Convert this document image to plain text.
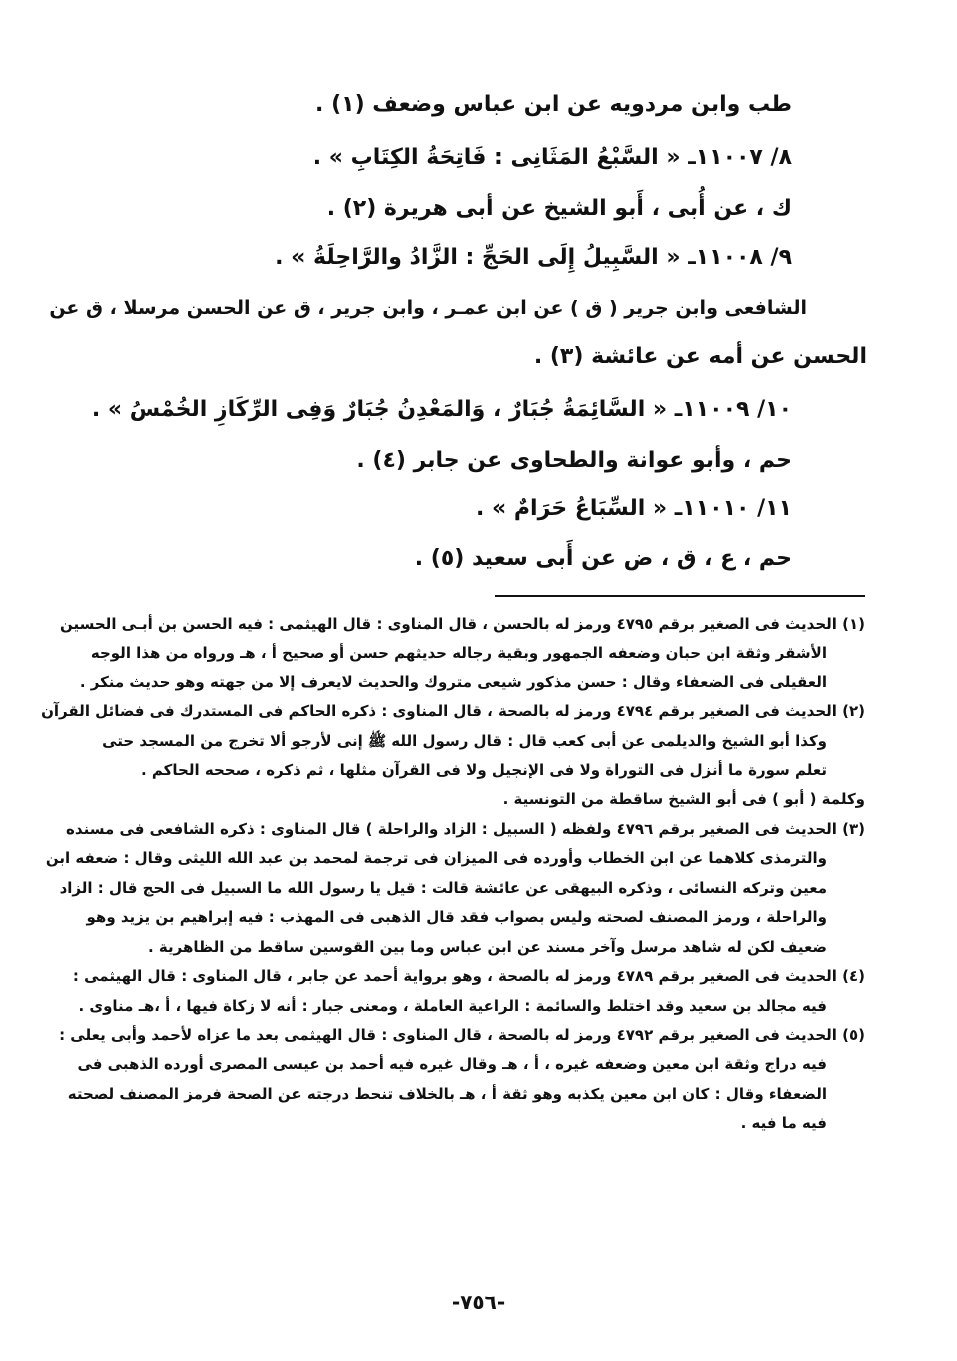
طب وابن مردويه عن ابن عباس وضعف (١) .
٨/ ١١٠٠٧ـ « السَّبْعُ المَثَانِى : فَاتِحَةُ الكِتَابِ » .
ك ، عن أُبى ، أَبو الشيخ عن أبى هريرة (٢) .
٩/ ١١٠٠٨ـ « السَّبِيلُ إِلَى الحَجِّ : الزَّادُ والرَّاحِلَةُ » .
الشافعى وابن جرير ( ق ) عن ابن عمـر ، وابن جرير ، ق عن الحسن مرسلا ، ق عن
الحسن عن أمه عن عائشة (٣) .
١٠/ ١١٠٠٩ـ « السَّائِمَةُ جُبَارٌ ، وَالمَعْدِنُ جُبَارٌ وَفِى الرِّكَازِ الخُمْسُ » .
حم ، وأبو عوانة والطحاوى عن جابر (٤) .
١١/ ١١٠١٠ـ « السِّبَاعُ حَرَامٌ » .
حم ، ع ، ق ، ض عن أَبى سعيد (٥) .
(١) الحديث فى الصغير برقم ٤٧٩٥ ورمز له بالحسن ، قال المناوى : قال الهيثمى : فيه الحسن بن أبـى الحسين
الأشقر وثقة ابن حبان وضعفه الجمهور وبقية رجاله حديثهم حسن أو صحيح أ ، هـ ورواه من هذا الوجه
العقيلى فى الضعفاء وقال : حسن مذكور شيعى متروك والحديث لايعرف إلا من جهته وهو حديث منكر .
(٢) الحديث فى الصغير برقم ٤٧٩٤ ورمز له بالصحة ، قال المناوى : ذكره الحاكم فى المستدرك فى فضائل القرآن
وكذا أبو الشيخ والديلمى عن أبى كعب قال : قال رسول الله ﷺ إنى لأرجو ألا تخرج من المسجد حتى
تعلم سورة ما أنزل فى التوراة ولا فى الإنجيل ولا فى القرآن مثلها ، ثم ذكره ، صححه الحاكم .
وكلمة ( أبو ) فى أبو الشيخ ساقطة من التونسية .
(٣) الحديث فى الصغير برقم ٤٧٩٦ ولفظه ( السبيل : الزاد والراحلة ) قال المناوى : ذكره الشافعى فى مسنده
والترمذى كلاهما عن ابن الخطاب وأورده فى الميزان فى ترجمة لمحمد بن عبد الله الليثى وقال : ضعفه ابن
معين وتركه النسائى ، وذكره البيهقى عن عائشة قالت : قيل يا رسول الله ما السبيل فى الحج قال : الزاد
والراحلة ، ورمز المصنف لصحته وليس بصواب فقد قال الذهبى فى المهذب : فيه إبراهيم بن يزيد وهو
ضعيف لكن له شاهد مرسل وآخر مسند عن ابن عباس وما بين القوسين ساقط من الظاهرية .
(٤) الحديث فى الصغير برقم ٤٧٨٩ ورمز له بالصحة ، وهو برواية أحمد عن جابر ، قال المناوى : قال الهيثمى :
فيه مجالد بن سعيد وقد اختلط والسائمة : الراعية العاملة ، ومعنى جبار : أنه لا زكاة فيها ، أ ،هـ مناوى .
(٥) الحديث فى الصغير برقم ٤٧٩٢ ورمز له بالصحة ، قال المناوى : قال الهيثمى بعد ما عزاه لأحمد وأبى يعلى :
فيه دراج وثقة ابن معين وضعفه غيره ، أ ، هـ وقال غيره فيه أحمد بن عيسى المصرى أورده الذهبى فى
الضعفاء وقال : كان ابن معين يكذبه وهو ثقة أ ، هـ بالخلاف تنحط درجته عن الصحة فرمز المصنف لصحته
فيه ما فيه .
-٧٥٦-
